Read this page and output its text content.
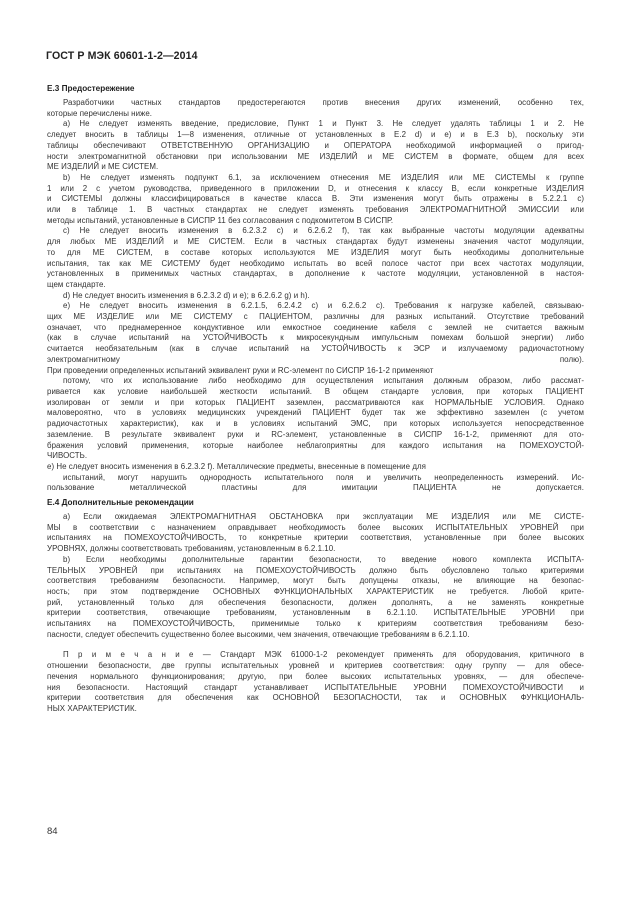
ГОСТ Р МЭК 60601-1-2—2014

Е.3 Предостережение

Разработчики частных стандартов предостерегаются против внесения других изменений, особенно тех,
которые перечислены ниже.
а) Не следует изменять введение, предисловие, Пункт 1 и Пункт 3. Не следует удалять таблицы 1 и 2. Не
следует вносить в таблицы 1—8 изменения, отличные от установленных в Е.2 d) и е) и в Е.3 b), поскольку эти
таблицы обеспечивают ОТВЕТСТВЕННУЮ ОРГАНИЗАЦИЮ и ОПЕРАТОРА необходимой информацией о пригод-
ности электромагнитной обстановки при использовании МЕ ИЗДЕЛИЙ и МЕ СИСТЕМ в формате, общем для всех
МЕ ИЗДЕЛИЙ и МЕ СИСТЕМ.
b) Не следует изменять подпункт 6.1, за исключением отнесения МЕ ИЗДЕЛИЯ или МЕ СИСТЕМЫ к группе
1 или 2 с учетом руководства, приведенного в приложении D, и отнесения к классу В, если конкретные ИЗДЕЛИЯ
и СИСТЕМЫ должны классифицироваться в качестве класса В. Эти изменения могут быть отражены в 5.2.2.1 с)
или в таблице 1. В частных стандартах не следует изменять требования ЭЛЕКТРОМАГНИТНОЙ ЭМИССИИ или
методы испытаний, установленные в СИСПР 11 без согласования с подкомитетом В СИСПР.
с) Не следует вносить изменения в 6.2.3.2 с) и 6.2.6.2 f), так как выбранные частоты модуляции адекватны
для любых МЕ ИЗДЕЛИЙ и МЕ СИСТЕМ. Если в частных стандартах будут изменены значения частот модуляции,
то для МЕ СИСТЕМ, в составе которых используются МЕ ИЗДЕЛИЯ могут быть необходимы дополнительные
испытания, так как МЕ СИСТЕМУ будет необходимо испытать во всей полосе частот при всех частотах модуляции,
установленных в применимых частных стандартах, в дополнение к частоте модуляции, установленной в настоя-
щем стандарте.
d) Не следует вносить изменения в 6.2.3.2 d) и е); в 6.2.6.2 g) и h).
е) Не следует вносить изменения в 6.2.1.5, 6.2.4.2 с) и 6.2.6.2 с). Требования к нагрузке кабелей, связываю-
щих МЕ ИЗДЕЛИЕ или МЕ СИСТЕМУ с ПАЦИЕНТОМ, различны для разных испытаний. Отсутствие требований
означает, что преднамеренное кондуктивное или емкостное соединение кабеля с землей не считается важным
(как в случае испытаний на УСТОЙЧИВОСТЬ к микросекундным импульсным помехам большой энергии) либо
считается необязательным (как в случае испытаний на УСТОЙЧИВОСТЬ к ЭСР и излучаемому радиочастотному
электромагнитному полю).
При проведении определенных испытаний эквивалент руки и RC-элемент по СИСПР 16-1-2 применяют
потому, что их использование либо необходимо для осуществления испытания должным образом, либо рассмат-
ривается как условие наибольшей жесткости испытаний. В общем стандарте условия, при которых ПАЦИЕНТ
изолирован от земли и при которых ПАЦИЕНТ заземлен, рассматриваются как НОРМАЛЬНЫЕ УСЛОВИЯ. Однако
маловероятно, что в условиях медицинских учреждений ПАЦИЕНТ будет так же эффективно заземлен (с учетом
радиочастотных характеристик), как и в условиях испытаний ЭМС, при которых используется непосредственное
заземление. В результате эквивалент руки и RC-элемент, установленные в СИСПР 16-1-2, применяют для ото-
бражения условий применения, которые наиболее неблагоприятны для каждого испытания на ПОМЕХОУСТОЙ-
ЧИВОСТЬ.
е) Не следует вносить изменения в 6.2.3.2 f). Металлические предметы, внесенные в помещение для
испытаний, могут нарушить однородность испытательного поля и увеличить неопределенность измерений. Ис-
пользование металлической пластины для имитации ПАЦИЕНТА не допускается.

Е.4 Дополнительные рекомендации

а) Если ожидаемая ЭЛЕКТРОМАГНИТНАЯ ОБСТАНОВКА при эксплуатации МЕ ИЗДЕЛИЯ или МЕ СИСТЕ-
МЫ в соответствии с назначением оправдывает необходимость более высоких ИСПЫТАТЕЛЬНЫХ УРОВНЕЙ при
испытаниях на ПОМЕХОУСТОЙЧИВОСТЬ, то конкретные критерии соответствия, установленные при более высоких
УРОВНЯХ, должны соответствовать требованиям, установленным в 6.2.1.10.
b) Если необходимы дополнительные гарантии безопасности, то введение нового комплекта ИСПЫТА-
ТЕЛЬНЫХ УРОВНЕЙ при испытаниях на ПОМЕХОУСТОЙЧИВОСТЬ должно быть обусловлено только критериями
соответствия требованиям безопасности. Например, могут быть допущены отказы, не влияющие на безопас-
ность; при этом подтверждение ОСНОВНЫХ ФУНКЦИОНАЛЬНЫХ ХАРАКТЕРИСТИК не требуется. Любой крите-
рий, установленный только для обеспечения безопасности, должен дополнять, а не заменять конкретные
критерии соответствия, отвечающие требованиям, установленным в 6.2.1.10. ИСПЫТАТЕЛЬНЫЕ УРОВНИ при
испытаниях на ПОМЕХОУСТОЙЧИВОСТЬ, применимые только к критериям соответствия требованиям безо-
пасности, следует обеспечить существенно более высокими, чем значения, отвечающие требованиям в 6.2.1.10.
П р и м е ч а н и е — Стандарт МЭК 61000-1-2 рекомендует применять для оборудования, критичного в
отношении безопасности, две группы испытательных уровней и критериев соответствия: одну группу — для обесе-
печения нормального функционирования; другую, при более высоких испытательных уровнях, — для обеспече-
ния безопасности. Настоящий стандарт устанавливает ИСПЫТАТЕЛЬНЫЕ УРОВНИ ПОМЕХОУСТОЙЧИВОСТИ и
критерии соответствия для обеспечения как ОСНОВНОЙ БЕЗОПАСНОСТИ, так и ОСНОВНЫХ ФУНКЦИОНАЛЬ-
НЫХ ХАРАКТЕРИСТИК.
84
